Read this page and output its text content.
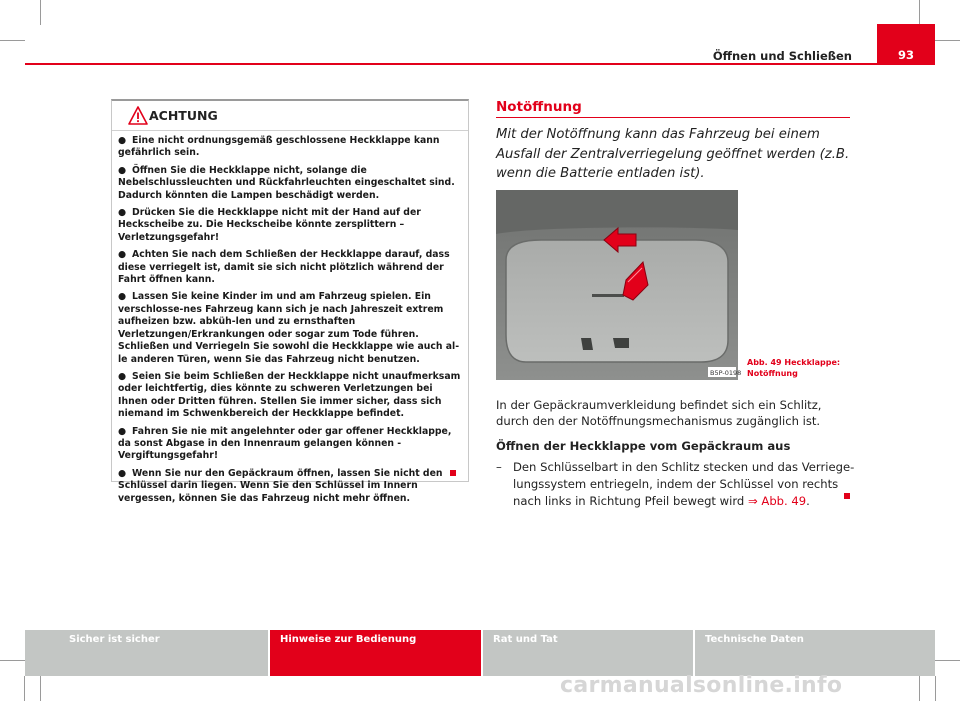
Öffnen und Schließen	93
ACHTUNG

● Eine nicht ordnungsgemäß geschlossene Heckklappe kann gefährlich sein.

● Öffnen Sie die Heckklappe nicht, solange die Nebelschlussleuchten und Rückfahrleuchten eingeschaltet sind. Dadurch könnten die Lampen beschädigt werden.

● Drücken Sie die Heckklappe nicht mit der Hand auf der Heckscheibe zu. Die Heckscheibe könnte zersplittern – Verletzungsgefahr!

● Achten Sie nach dem Schließen der Heckklappe darauf, dass diese verriegelt ist, damit sie sich nicht plötzlich während der Fahrt öffnen kann.

● Lassen Sie keine Kinder im und am Fahrzeug spielen. Ein verschlosse-nes Fahrzeug kann sich je nach Jahreszeit extrem aufheizen bzw. abküh-len und zu ernsthaften Verletzungen/Erkrankungen oder sogar zum Tode führen. Schließen und Verriegeln Sie sowohl die Heckklappe wie auch al-le anderen Türen, wenn Sie das Fahrzeug nicht benutzen.

● Seien Sie beim Schließen der Heckklappe nicht unaufmerksam oder leichtfertig, dies könnte zu schweren Verletzungen bei Ihnen oder Dritten führen. Stellen Sie immer sicher, dass sich niemand im Schwenkbereich der Heckklappe befindet.

● Fahren Sie nie mit angelehnter oder gar offener Heckklappe, da sonst Abgase in den Innenraum gelangen können - Vergiftungsgefahr!

● Wenn Sie nur den Gepäckraum öffnen, lassen Sie nicht den Schlüssel darin liegen. Wenn Sie den Schlüssel im Innern vergessen, können Sie das Fahrzeug nicht mehr öffnen.

Notöffnung
Mit der Notöffnung kann das Fahrzeug bei einem Ausfall der Zentralverriegelung geöffnet werden (z.B. wenn die Batterie entladen ist).
B5P-0198
Abb. 49 Heckklappe:
Notöffnung
In der Gepäckraumverkleidung befindet sich ein Schlitz, durch den der Notöffnungsmechanismus zugänglich ist.
Öffnen der Heckklappe vom Gepäckraum aus
– Den Schlüsselbart in den Schlitz stecken und das Verriege-lungssystem entriegeln, indem der Schlüssel von rechts nach links in Richtung Pfeil bewegt wird ⇒ Abb. 49.
Sicher ist sicher	Hinweise zur Bedienung	Rat und Tat	Technische Daten
carmanualsonline.info
